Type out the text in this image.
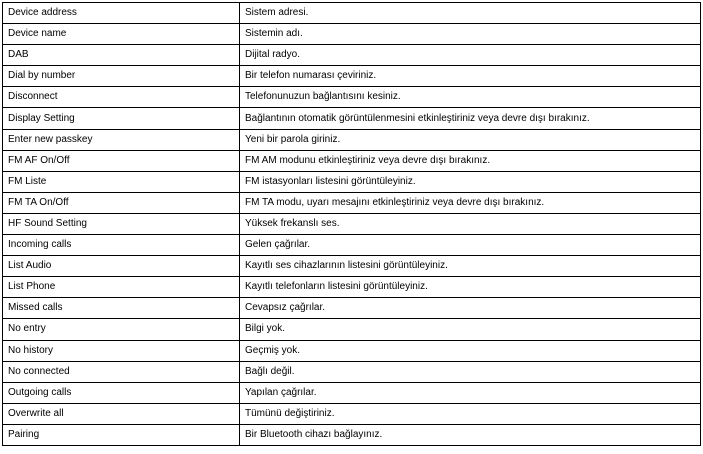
Device address	Sistem adresi.
Device name	Sistemin adı.
DAB	Dijital radyo.
Dial by number	Bir telefon numarası çeviriniz.
Disconnect	Telefonunuzun bağlantısını kesiniz.
Display Setting	Bağlantının otomatik görüntülenmesini etkinleştiriniz veya devre dışı bırakınız.
Enter new passkey	Yeni bir parola giriniz.
FM AF On/Off	FM AM modunu etkinleştiriniz veya devre dışı bırakınız.
FM Liste	FM istasyonları listesini görüntüleyiniz.
FM TA On/Off	FM TA modu, uyarı mesajını etkinleştiriniz veya devre dışı bırakınız.
HF Sound Setting	Yüksek frekanslı ses.
Incoming calls	Gelen çağrılar.
List Audio	Kayıtlı ses cihazlarının listesini görüntüleyiniz.
List Phone	Kayıtlı telefonların listesini görüntüleyiniz.
Missed calls	Cevapsız çağrılar.
No entry	Bilgi yok.
No history	Geçmiş yok.
No connected	Bağlı değil.
Outgoing calls	Yapılan çağrılar.
Overwrite all	Tümünü değiştiriniz.
Pairing	Bir Bluetooth cihazı bağlayınız.
